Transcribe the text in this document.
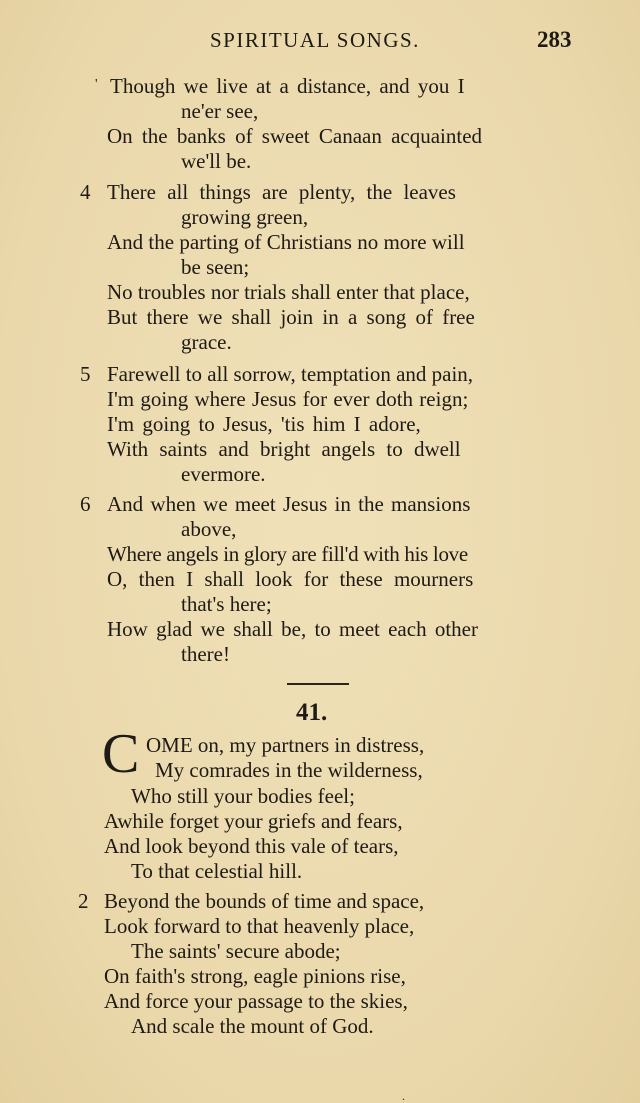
SPIRITUAL SONGS.	283
' Though we live at a distance, and you I
ne'er see,
On the banks of sweet Canaan acquainted
we'll be.
4 There all things are plenty, the leaves
growing green,
And the parting of Christians no more will
be seen;
No troubles nor trials shall enter that place,
But there we shall join in a song of free
grace.
5 Farewell to all sorrow, temptation and pain,
I'm going where Jesus for ever doth reign;
I'm going to Jesus, 'tis him I adore,
With saints and bright angels to dwell
evermore.
6 And when we meet Jesus in the mansions
above,
Where angels in glory are fill'd with his love
O, then I shall look for these mourners
that's here;
How glad we shall be, to meet each other
there!
41.
C OME on, my partners in distress,
My comrades in the wilderness,
Who still your bodies feel;
Awhile forget your griefs and fears,
And look beyond this vale of tears,
To that celestial hill.
2 Beyond the bounds of time and space,
Look forward to that heavenly place,
The saints' secure abode;
On faith's strong, eagle pinions rise,
And force your passage to the skies,
And scale the mount of God.
.
